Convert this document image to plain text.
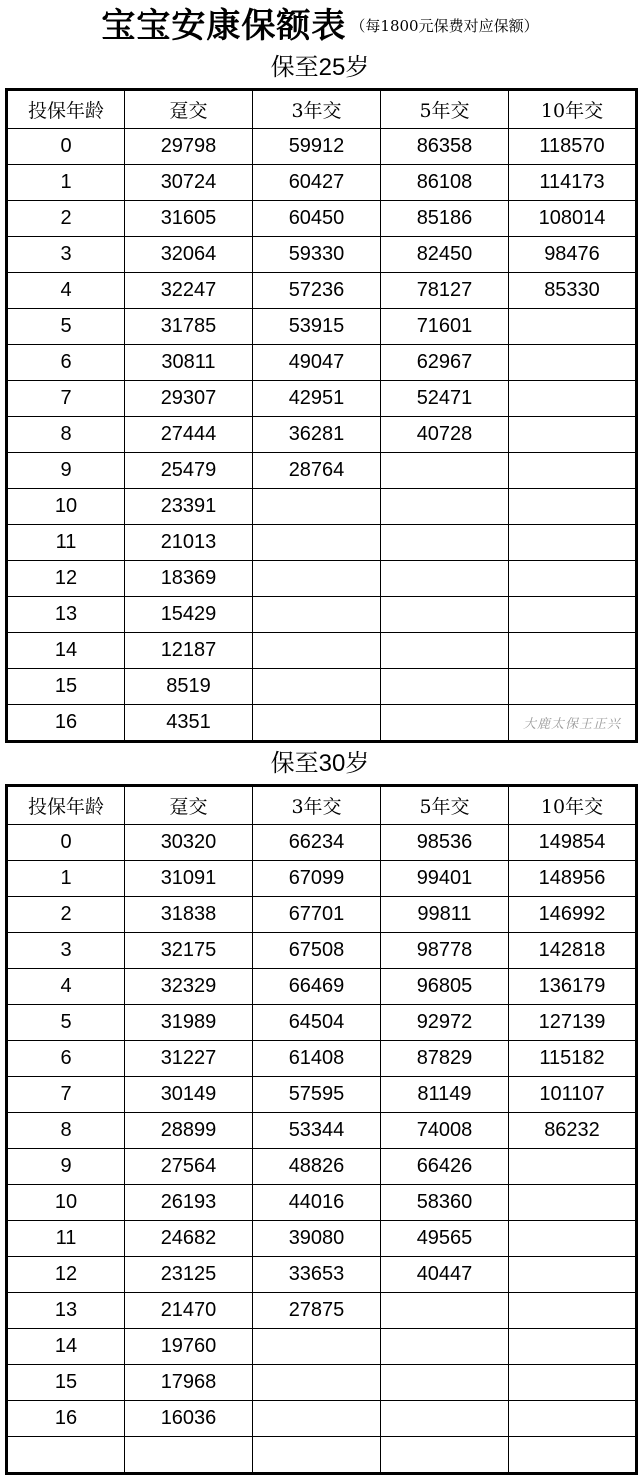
宝宝安康保额表 （每1800元保费对应保额）
保至25岁
投保年龄	趸交	3年交	5年交	10年交
0	29798	59912	86358	118570
1	30724	60427	86108	114173
2	31605	60450	85186	108014
3	32064	59330	82450	98476
4	32247	57236	78127	85330
5	31785	53915	71601	
6	30811	49047	62967	
7	29307	42951	52471	
8	27444	36281	40728	
9	25479	28764		
10	23391			
11	21013			
12	18369			
13	15429			
14	12187			
15	8519			
16	4351			大鹿太保王正兴
保至30岁
投保年龄	趸交	3年交	5年交	10年交
0	30320	66234	98536	149854
1	31091	67099	99401	148956
2	31838	67701	99811	146992
3	32175	67508	98778	142818
4	32329	66469	96805	136179
5	31989	64504	92972	127139
6	31227	61408	87829	115182
7	30149	57595	81149	101107
8	28899	53344	74008	86232
9	27564	48826	66426	
10	26193	44016	58360	
11	24682	39080	49565	
12	23125	33653	40447	
13	21470	27875		
14	19760			
15	17968			
16	16036			
